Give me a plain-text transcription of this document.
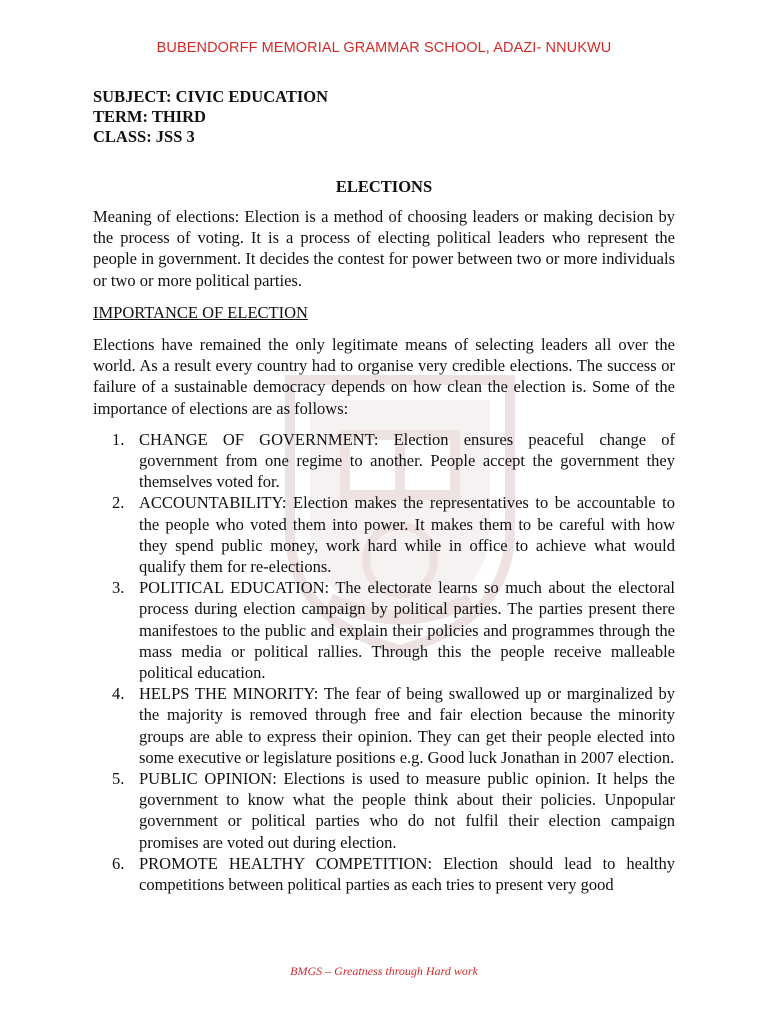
BUBENDORFF MEMORIAL GRAMMAR SCHOOL, ADAZI- NNUKWU
SUBJECT: CIVIC EDUCATION
TERM: THIRD
CLASS: JSS 3
ELECTIONS

Meaning of elections: Election is a method of choosing leaders or making decision by the process of voting. It is a process of electing political leaders who represent the people in government. It decides the contest for power between two or more individuals or two or more political parties.

IMPORTANCE OF ELECTION

Elections have remained the only legitimate means of selecting leaders all over the world. As a result every country had to organise very credible elections. The success or failure of a sustainable democracy depends on how clean the election is. Some of the importance of elections are as follows:

1. CHANGE OF GOVERNMENT: Election ensures peaceful change of government from one regime to another. People accept the government they themselves voted for.
2. ACCOUNTABILITY: Election makes the representatives to be accountable to the people who voted them into power. It makes them to be careful with how they spend public money, work hard while in office to achieve what would qualify them for re-elections.
3. POLITICAL EDUCATION: The electorate learns so much about the electoral process during election campaign by political parties. The parties present there manifestoes to the public and explain their policies and programmes through the mass media or political rallies. Through this the people receive malleable political education.
4. HELPS THE MINORITY: The fear of being swallowed up or marginalized by the majority is removed through free and fair election because the minority groups are able to express their opinion. They can get their people elected into some executive or legislature positions e.g. Good luck Jonathan in 2007 election.
5. PUBLIC OPINION: Elections is used to measure public opinion. It helps the government to know what the people think about their policies. Unpopular government or political parties who do not fulfil their election campaign promises are voted out during election.
6. PROMOTE HEALTHY COMPETITION: Election should lead to healthy competitions between political parties as each tries to present very good
BMGS – Greatness through Hard work
